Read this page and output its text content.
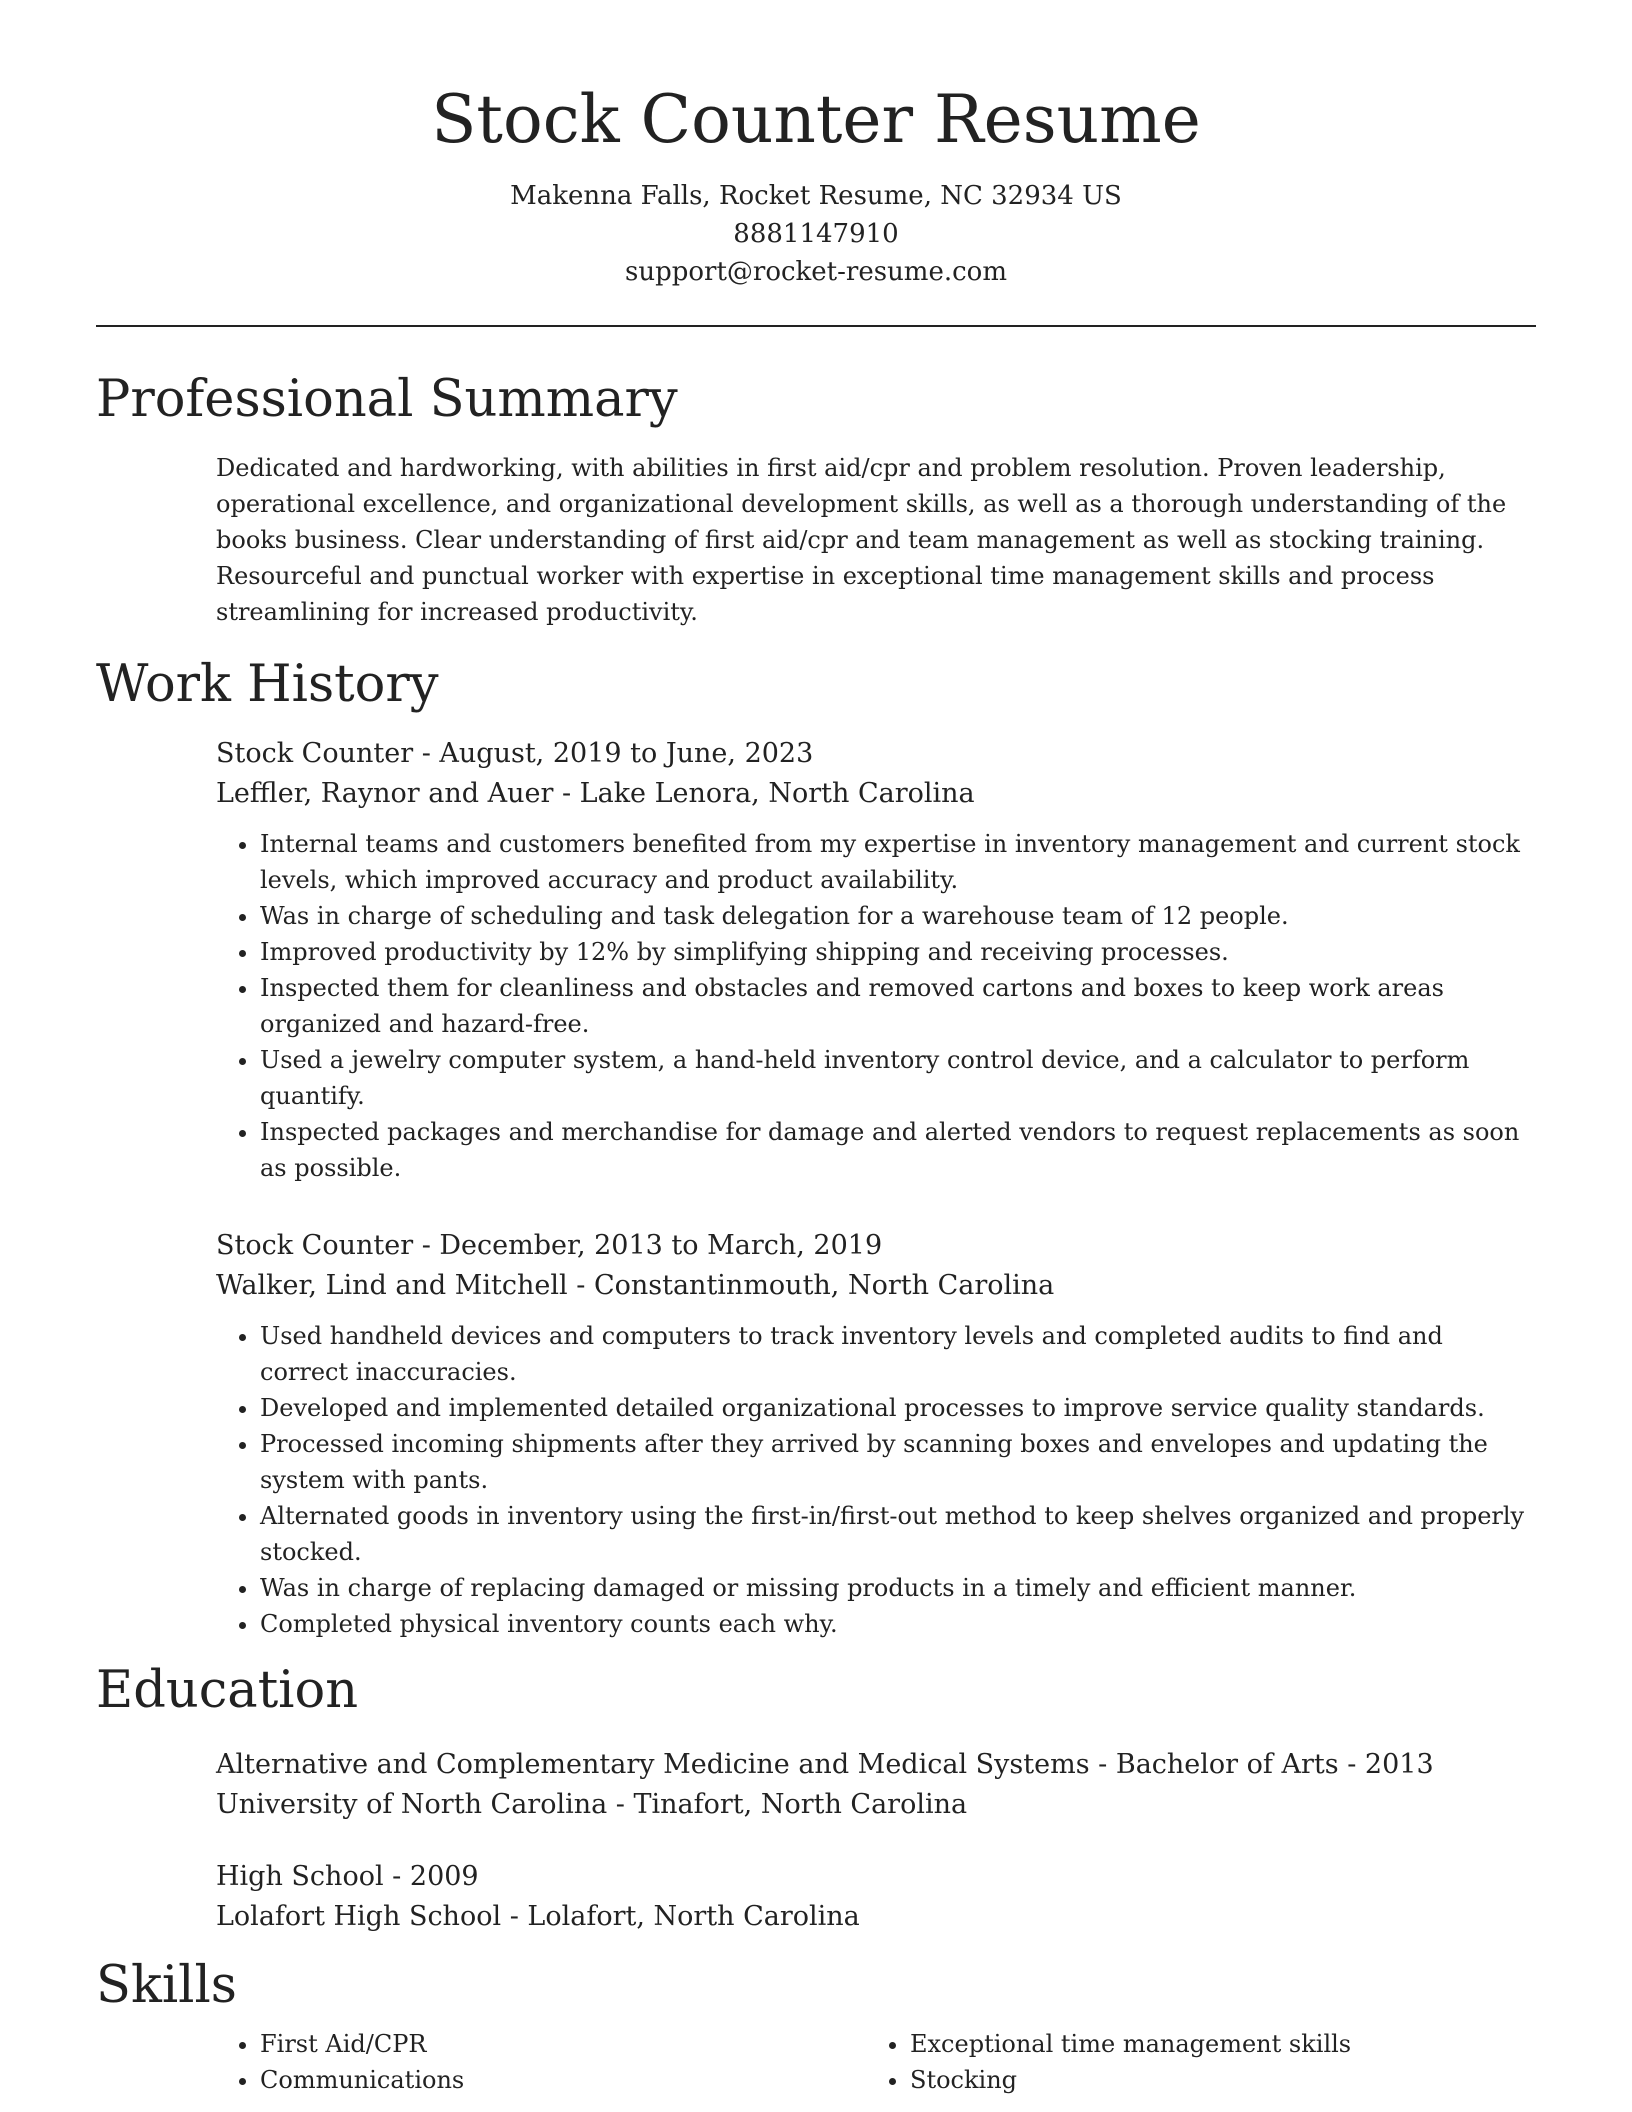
Stock Counter Resume
Makenna Falls, Rocket Resume, NC 32934 US
8881147910
support@rocket-resume.com
Professional Summary
Dedicated and hardworking, with abilities in first aid/cpr and problem resolution. Proven leadership, operational excellence, and organizational development skills, as well as a thorough understanding of the books business. Clear understanding of first aid/cpr and team management as well as stocking training. Resourceful and punctual worker with expertise in exceptional time management skills and process streamlining for increased productivity.
Work History
Stock Counter - August, 2019 to June, 2023
Leffler, Raynor and Auer - Lake Lenora, North Carolina
• Internal teams and customers benefited from my expertise in inventory management and current stock levels, which improved accuracy and product availability.
• Was in charge of scheduling and task delegation for a warehouse team of 12 people.
• Improved productivity by 12% by simplifying shipping and receiving processes.
• Inspected them for cleanliness and obstacles and removed cartons and boxes to keep work areas organized and hazard-free.
• Used a jewelry computer system, a hand-held inventory control device, and a calculator to perform quantify.
• Inspected packages and merchandise for damage and alerted vendors to request replacements as soon as possible.
Stock Counter - December, 2013 to March, 2019
Walker, Lind and Mitchell - Constantinmouth, North Carolina
• Used handheld devices and computers to track inventory levels and completed audits to find and correct inaccuracies.
• Developed and implemented detailed organizational processes to improve service quality standards.
• Processed incoming shipments after they arrived by scanning boxes and envelopes and updating the system with pants.
• Alternated goods in inventory using the first-in/first-out method to keep shelves organized and properly stocked.
• Was in charge of replacing damaged or missing products in a timely and efficient manner.
• Completed physical inventory counts each why.
Education
Alternative and Complementary Medicine and Medical Systems - Bachelor of Arts - 2013
University of North Carolina - Tinafort, North Carolina
High School - 2009
Lolafort High School - Lolafort, North Carolina
Skills
• First Aid/CPR
• Communications
• Exceptional time management skills
• Stocking
